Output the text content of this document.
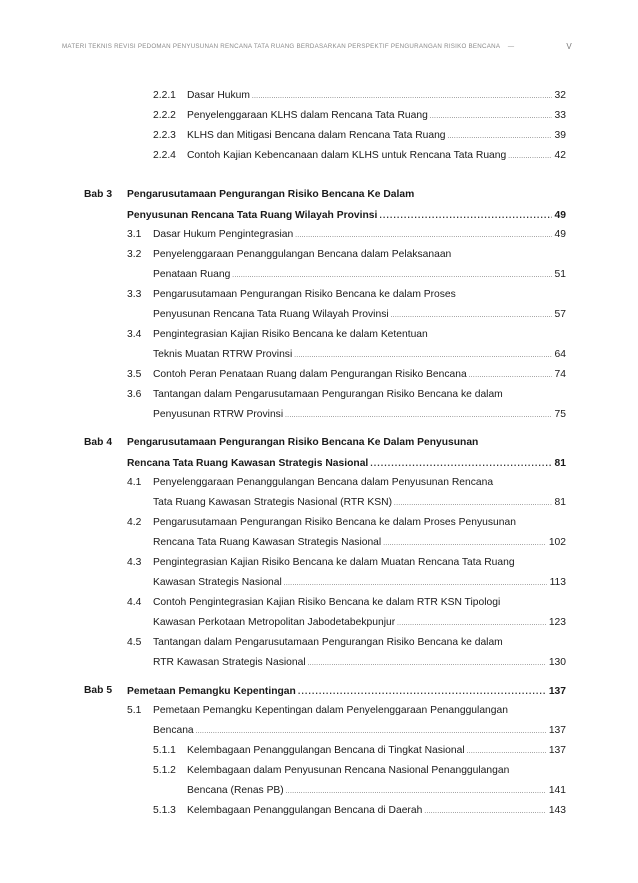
MATERI TEKNIS REVISI PEDOMAN PENYUSUNAN RENCANA TATA RUANG BERDASARKAN PERSPEKTIF PENGURANGAN RISIKO BENCANA —	V
2.2.1 Dasar Hukum .....	32
2.2.2 Penyelenggaraan KLHS dalam Rencana Tata Ruang .....	33
2.2.3 KLHS dan Mitigasi Bencana dalam Rencana Tata Ruang .....	39
2.2.4 Contoh Kajian Kebencanaan dalam KLHS untuk Rencana Tata Ruang .....	42
Bab 3 Pengarusutamaan Pengurangan Risiko Bencana Ke Dalam
Penyusunan Rencana Tata Ruang Wilayah Provinsi .....	49
3.1 Dasar Hukum Pengintegrasian .....	49
3.2 Penyelenggaraan Penanggulangan Bencana dalam Pelaksanaan
Penataan Ruang .....	51
3.3 Pengarusutamaan Pengurangan Risiko Bencana ke dalam Proses
Penyusunan Rencana Tata Ruang Wilayah Provinsi .....	57
3.4 Pengintegrasian Kajian Risiko Bencana ke dalam Ketentuan
Teknis Muatan RTRW Provinsi .....	64
3.5 Contoh Peran Penataan Ruang dalam Pengurangan Risiko Bencana .....	74
3.6 Tantangan dalam Pengarusutamaan Pengurangan Risiko Bencana ke dalam
Penyusunan RTRW Provinsi .....	75
Bab 4 Pengarusutamaan Pengurangan Risiko Bencana Ke Dalam Penyusunan
Rencana Tata Ruang Kawasan Strategis Nasional .....	81
4.1 Penyelenggaraan Penanggulangan Bencana dalam Penyusunan Rencana
Tata Ruang Kawasan Strategis Nasional (RTR KSN) .....	81
4.2 Pengarusutamaan Pengurangan Risiko Bencana ke dalam Proses Penyusunan
Rencana Tata Ruang Kawasan Strategis Nasional .....	102
4.3 Pengintegrasian Kajian Risiko Bencana ke dalam Muatan Rencana Tata Ruang
Kawasan Strategis Nasional .....	113
4.4 Contoh Pengintegrasian Kajian Risiko Bencana ke dalam RTR KSN Tipologi
Kawasan Perkotaan Metropolitan Jabodetabekpunjur .....	123
4.5 Tantangan dalam Pengarusutamaan Pengurangan Risiko Bencana ke dalam
RTR Kawasan Strategis Nasional .....	130
Bab 5 Pemetaan Pemangku Kepentingan .....	137
5.1 Pemetaan Pemangku Kepentingan dalam Penyelenggaraan Penanggulangan
Bencana .....	137
5.1.1 Kelembagaan Penanggulangan Bencana di Tingkat Nasional .....	137
5.1.2 Kelembagaan dalam Penyusunan Rencana Nasional Penanggulangan
Bencana (Renas PB) .....	141
5.1.3 Kelembagaan Penanggulangan Bencana di Daerah .....	143
